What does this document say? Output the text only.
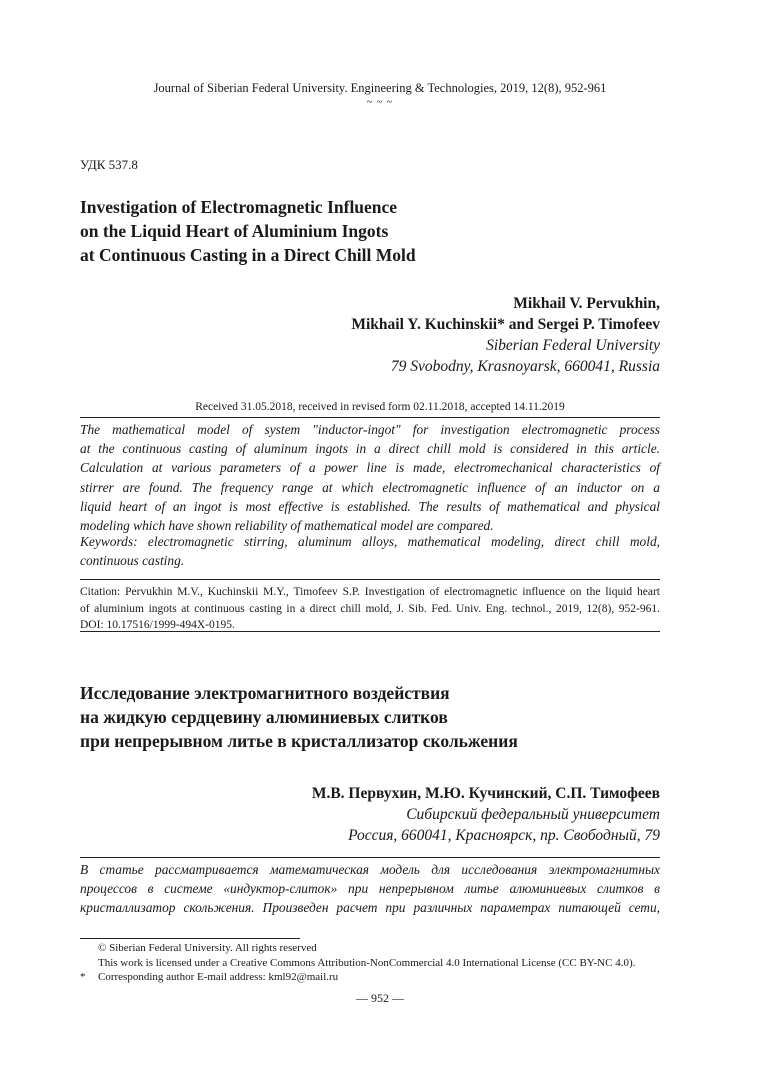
Journal of Siberian Federal University. Engineering & Technologies, 2019, 12(8), 952-961
~ ~ ~
УДК 537.8
Investigation of Electromagnetic Influence
on the Liquid Heart of Aluminium Ingots
at Continuous Casting in a Direct Chill Mold
Mikhail V. Pervukhin,
Mikhail Y. Kuchinskii* and Sergei P. Timofeev
Siberian Federal University
79 Svobodny, Krasnoyarsk, 660041, Russia
Received 31.05.2018, received in revised form 02.11.2018, accepted 14.11.2019
The mathematical model of system "inductor-ingot" for investigation electromagnetic process
at the continuous casting of aluminum ingots in a direct chill mold is considered in this article.
Calculation at various parameters of a power line is made, electromechanical characteristics of
stirrer are found. The frequency range at which electromagnetic influence of an inductor on a
liquid heart of an ingot is most effective is established. The results of mathematical and physical
modeling which have shown reliability of mathematical model are compared.
Keywords: electromagnetic stirring, aluminum alloys, mathematical modeling, direct chill mold,
continuous casting.
Citation: Pervukhin M.V., Kuchinskii M.Y., Timofeev S.P. Investigation of electromagnetic influence on the liquid heart
of aluminium ingots at continuous casting in a direct chill mold, J. Sib. Fed. Univ. Eng. technol., 2019, 12(8), 952-961.
DOI: 10.17516/1999-494X-0195.
Исследование электромагнитного воздействия
на жидкую сердцевину алюминиевых слитков
при непрерывном литье в кристаллизатор скольжения
М.В. Первухин, М.Ю. Кучинский, С.П. Тимофеев
Сибирский федеральный университет
Россия, 660041, Красноярск, пр. Свободный, 79
В статье рассматривается математическая модель для исследования электромагнитных
процессов в системе «индуктор-слиток» при непрерывном литье алюминиевых слитков в
кристаллизатор скольжения. Произведен расчет при различных параметрах питающей сети,
© Siberian Federal University. All rights reserved
This work is licensed under a Creative Commons Attribution-NonCommercial 4.0 International License (CC BY-NC 4.0).
*	Corresponding author E-mail address: kml92@mail.ru
— 952 —
